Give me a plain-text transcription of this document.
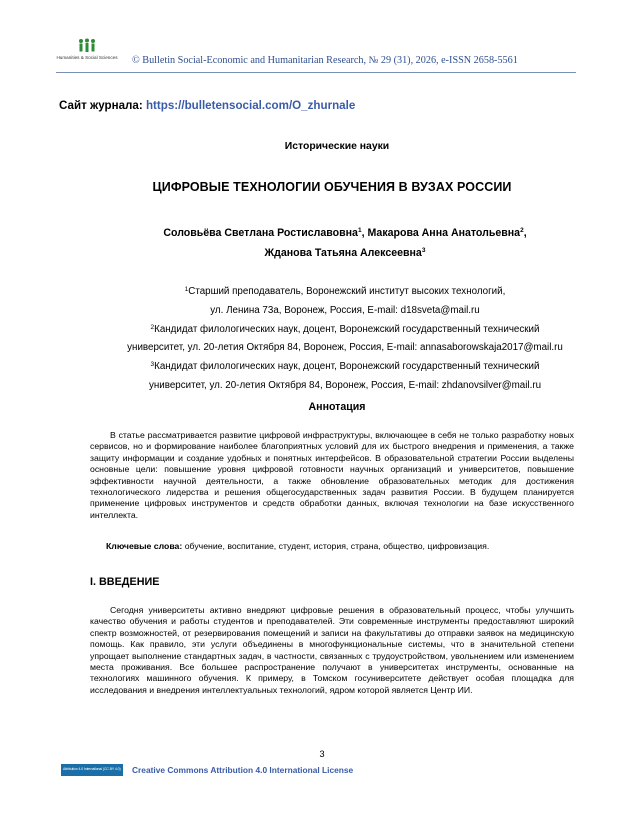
Humanities & Social Sciences © Bulletin Social-Economic and Humanitarian Research, № 29 (31), 2026, e-ISSN 2658-5561
Сайт журнала: https://bulletensocial.com/O_zhurnale
Исторические науки
ЦИФРОВЫЕ ТЕХНОЛОГИИ ОБУЧЕНИЯ В ВУЗАХ РОССИИ
Соловьёва Светлана Ростиславовна$^1$, Макарова Анна Анатольевна$^2$,
Жданова Татьяна Алексеевна$^3$
$^1$Старший преподаватель, Воронежский институт высоких технологий,
ул. Ленина 73а, Воронеж, Россия, E-mail: d18sveta@mail.ru
$^2$Кандидат филологических наук, доцент, Воронежский государственный технический
университет, ул. 20-летия Октября 84, Воронеж, Россия, E-mail: annasaborowskaja2017@mail.ru
$^3$Кандидат филологических наук, доцент, Воронежский государственный технический
университет, ул. 20-летия Октября 84, Воронеж, Россия, E-mail: zhdanovsilver@mail.ru
Аннотация
В статье рассматривается развитие цифровой инфраструктуры, включающее в себя не только разработку новых сервисов, но и формирование наиболее благоприятных условий для их быстрого внедрения и применения, а также защиту информации и создание удобных и понятных интерфейсов. В образовательной стратегии России выделены основные цели: повышение уровня цифровой готовности научных организаций и университетов, повышение эффективности научной деятельности, а также обновление образовательных методик для достижения технологического лидерства и решения общегосударственных задач развития России. В будущем планируется применение цифровых инструментов и средств обработки данных, включая технологии на базе искусственного интеллекта.
Ключевые слова: обучение, воспитание, студент, история, страна, общество, цифровизация.
I. ВВЕДЕНИЕ
Сегодня университеты активно внедряют цифровые решения в образовательный процесс, чтобы улучшить качество обучения и работы студентов и преподавателей. Эти современные инструменты предоставляют широкий спектр возможностей, от резервирования помещений и записи на факультативы до отправки заявок на медицинскую помощь. Как правило, эти услуги объединены в многофункциональные системы, что в значительной степени упрощает выполнение стандартных задач, в частности, связанных с трудоустройством, увольнением или изменением места проживания. Все большее распространение получают в университетах инструменты, основанные на технологиях машинного обучения. К примеру, в Томском госуниверситете действует особая площадка для исследования и внедрения интеллектуальных технологий, ядром которой является Центр ИИ.
3
Attribution 4.0 International (CC BY 4.0) Creative Commons Attribution 4.0 International License
